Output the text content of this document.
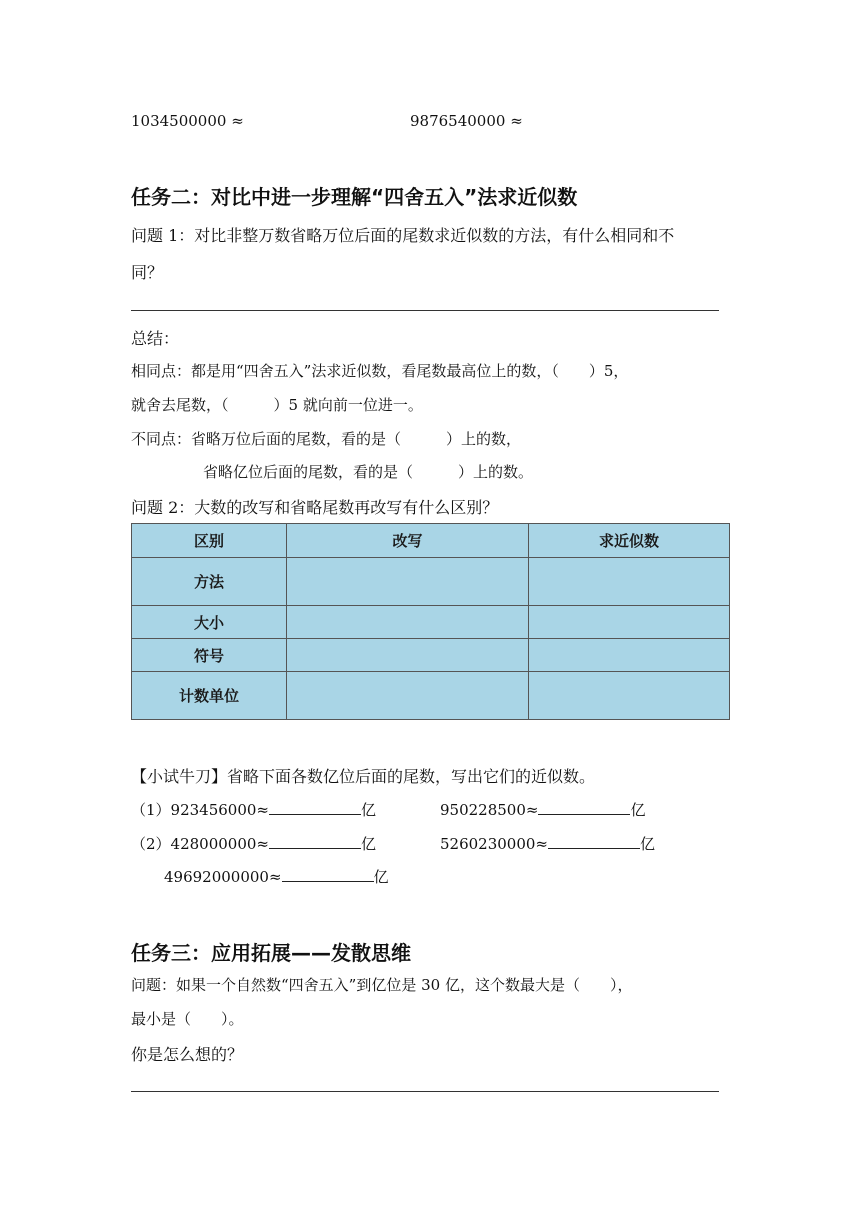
1034500000 ≈	9876540000 ≈
任务二：对比中进一步理解“四舍五入”法求近似数
问题 1：对比非整万数省略万位后面的尾数求近似数的方法，有什么相同和不
同？
总结：
相同点：都是用“四舍五入”法求近似数，看尾数最高位上的数，（　　）5，
就舍去尾数，（　　　）5 就向前一位进一。
不同点：省略万位后面的尾数，看的是（　　　）上的数，
省略亿位后面的尾数，看的是（　　　）上的数。
问题 2：大数的改写和省略尾数再改写有什么区别？
区别	改写	求近似数
方法		
大小		
符号		
计数单位		
【小试牛刀】省略下面各数亿位后面的尾数，写出它们的近似数。
（1）923456000≈	亿	950228500≈	亿
（2）428000000≈	亿	5260230000≈	亿
49692000000≈	亿
任务三：应用拓展——发散思维
问题：如果一个自然数“四舍五入”到亿位是 30 亿，这个数最大是（　　），
最小是（　　）。
你是怎么想的？
